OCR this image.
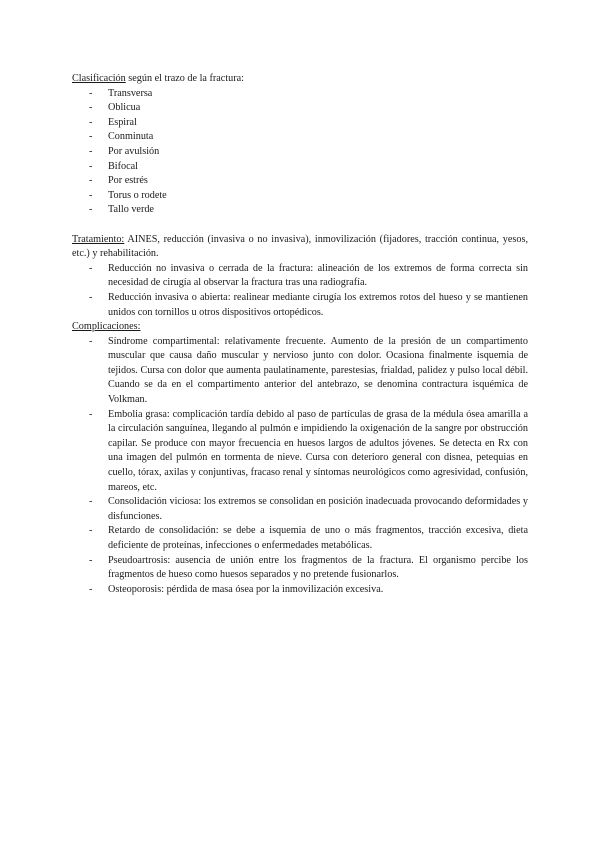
Clasificación según el trazo de la fractura:

- Transversa
- Oblicua
- Espiral
- Conminuta
- Por avulsión
- Bifocal
- Por estrés
- Torus o rodete
- Tallo verde

Tratamiento: AINES, reducción (invasiva o no invasiva), inmovilización (fijadores, tracción continua, yesos, etc.) y rehabilitación.

- Reducción no invasiva o cerrada de la fractura: alineación de los extremos de forma correcta sin necesidad de cirugía al observar la fractura tras una radiografía.
- Reducción invasiva o abierta: realinear mediante cirugía los extremos rotos del hueso y se mantienen unidos con tornillos u otros dispositivos ortopédicos.

Complicaciones:

- Síndrome compartimental: relativamente frecuente. Aumento de la presión de un compartimento muscular que causa daño muscular y nervioso junto con dolor. Ocasiona finalmente isquemia de tejidos. Cursa con dolor que aumenta paulatinamente, parestesias, frialdad, palidez y pulso local débil. Cuando se da en el compartimento anterior del antebrazo, se denomina contractura isquémica de Volkman.
- Embolia grasa: complicación tardía debido al paso de partículas de grasa de la médula ósea amarilla a la circulación sanguínea, llegando al pulmón e impidiendo la oxigenación de la sangre por obstrucción capilar. Se produce con mayor frecuencia en huesos largos de adultos jóvenes. Se detecta en Rx con una imagen del pulmón en tormenta de nieve. Cursa con deterioro general con disnea, petequias en cuello, tórax, axilas y conjuntivas, fracaso renal y síntomas neurológicos como agresividad, confusión, mareos, etc.
- Consolidación viciosa: los extremos se consolidan en posición inadecuada provocando deformidades y disfunciones.
- Retardo de consolidación: se debe a isquemia de uno o más fragmentos, tracción excesiva, dieta deficiente de proteínas, infecciones o enfermedades metabólicas.
- Pseudoartrosis: ausencia de unión entre los fragmentos de la fractura. El organismo percibe los fragmentos de hueso como huesos separados y no pretende fusionarlos.
- Osteoporosis: pérdida de masa ósea por la inmovilización excesiva.
